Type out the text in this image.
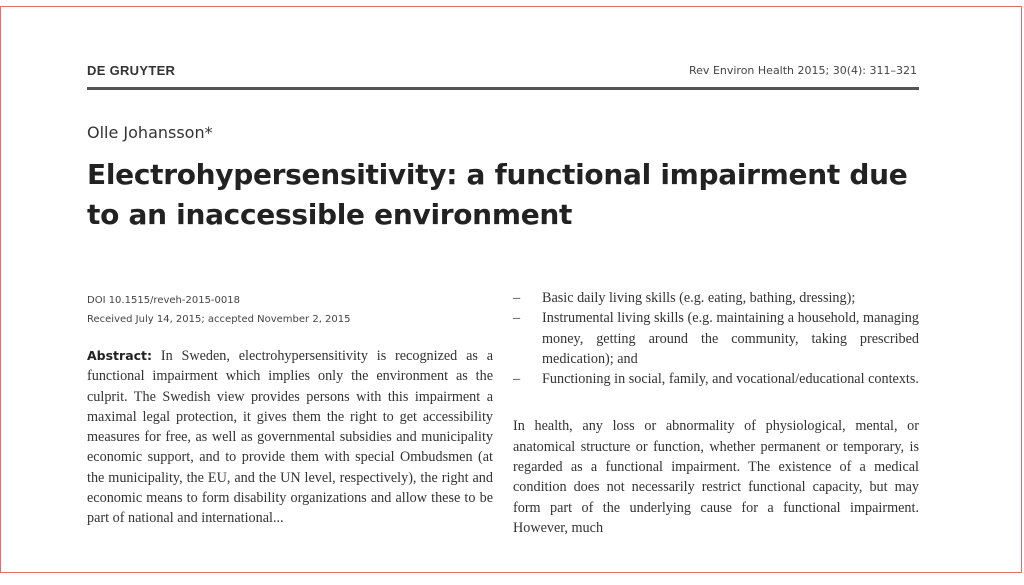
DE GRUYTER	Rev Environ Health 2015; 30(4): 311–321
Olle Johansson*
Electrohypersensitivity: a functional impairment due to an inaccessible environment
DOI 10.1515/reveh-2015-0018
Received July 14, 2015; accepted November 2, 2015
Abstract: In Sweden, electrohypersensitivity is recognized as a functional impairment which implies only the environment as the culprit. The Swedish view provides persons with this impairment a maximal legal protection, it gives them the right to get accessibility measures for free, as well as governmental subsidies and municipality economic support, and to provide them with special Ombudsmen (at the municipality, the EU, and the UN level, respectively), the right and economic means to form disability organizations and allow these to be part of national and international...
– Basic daily living skills (e.g. eating, bathing, dressing);
– Instrumental living skills (e.g. maintaining a household, managing money, getting around the community, taking prescribed medication); and
– Functioning in social, family, and vocational/educational contexts.
In health, any loss or abnormality of physiological, mental, or anatomical structure or function, whether permanent or temporary, is regarded as a functional impairment. The existence of a medical condition does not necessarily restrict functional capacity, but may form part of the underlying cause for a functional impairment. However, much
